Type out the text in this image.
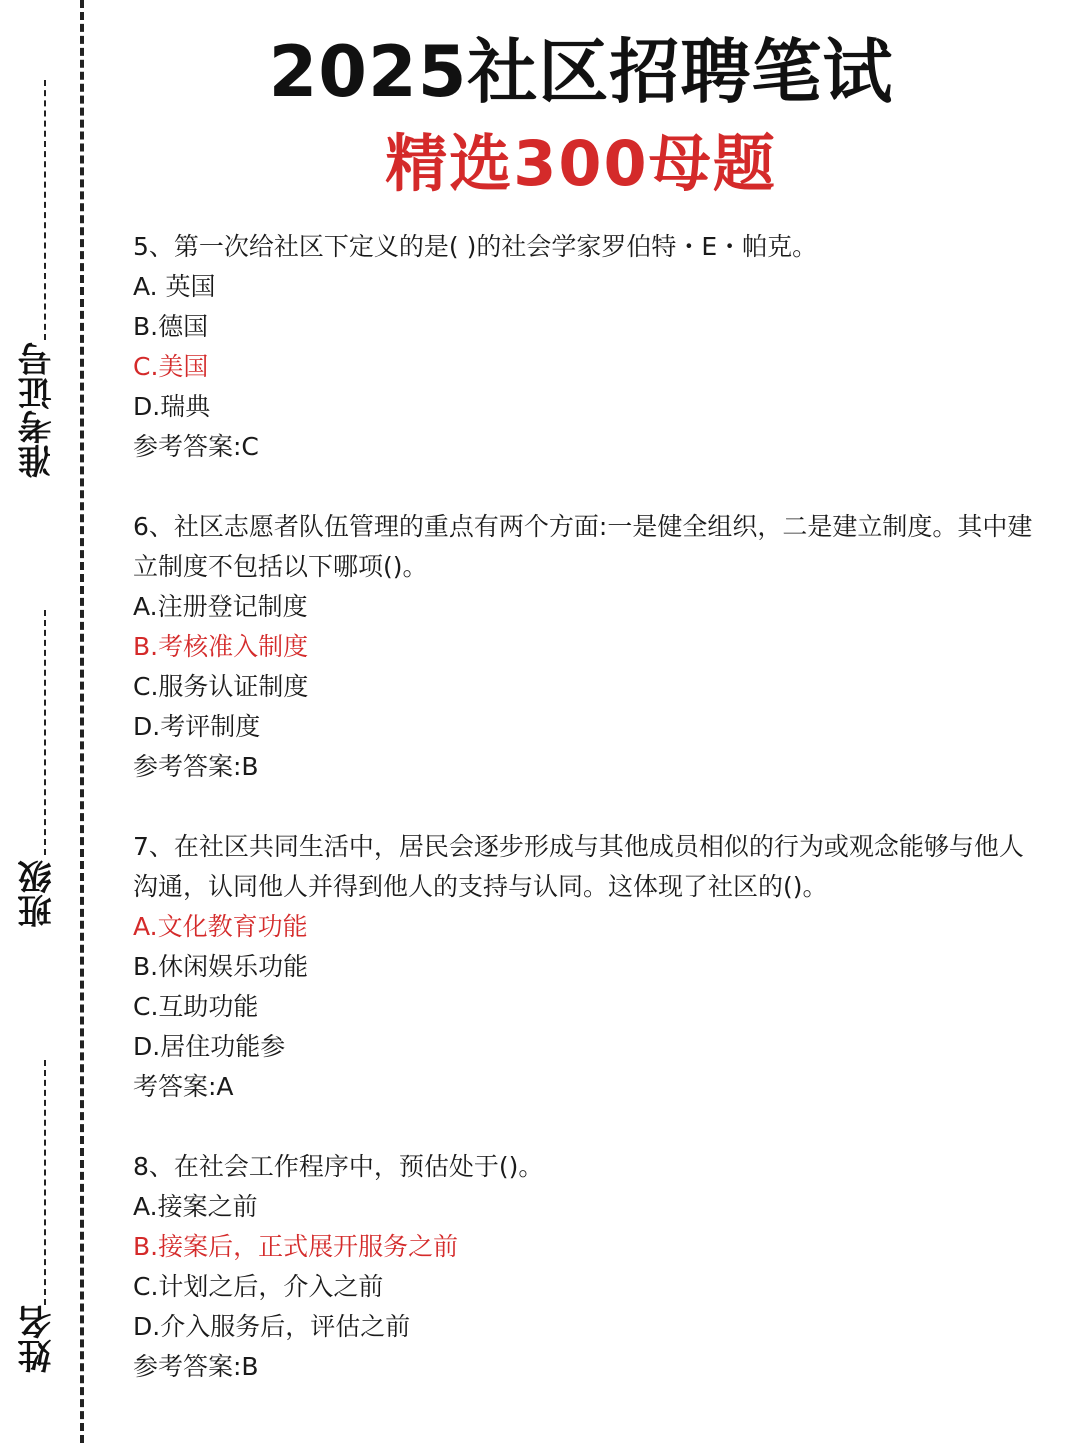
准考证号
班级
姓名
2025社区招聘笔试
精选300母题

5、第一次给社区下定义的是( )的社会学家罗伯特・E・帕克。

A. 英国

B.德国

C.美国

D.瑞典

参考答案:C

6、社区志愿者队伍管理的重点有两个方面:一是健全组织，二是建立制度。其中建立制度不包括以下哪项()。

A.注册登记制度

B.考核准入制度

C.服务认证制度

D.考评制度

参考答案:B

7、在社区共同生活中，居民会逐步形成与其他成员相似的行为或观念能够与他人沟通，认同他人并得到他人的支持与认同。这体现了社区的()。

A.文化教育功能

B.休闲娱乐功能

C.互助功能

D.居住功能参

考答案:A

8、在社会工作程序中，预估处于()。

A.接案之前

B.接案后，正式展开服务之前

C.计划之后，介入之前

D.介入服务后，评估之前

参考答案:B
